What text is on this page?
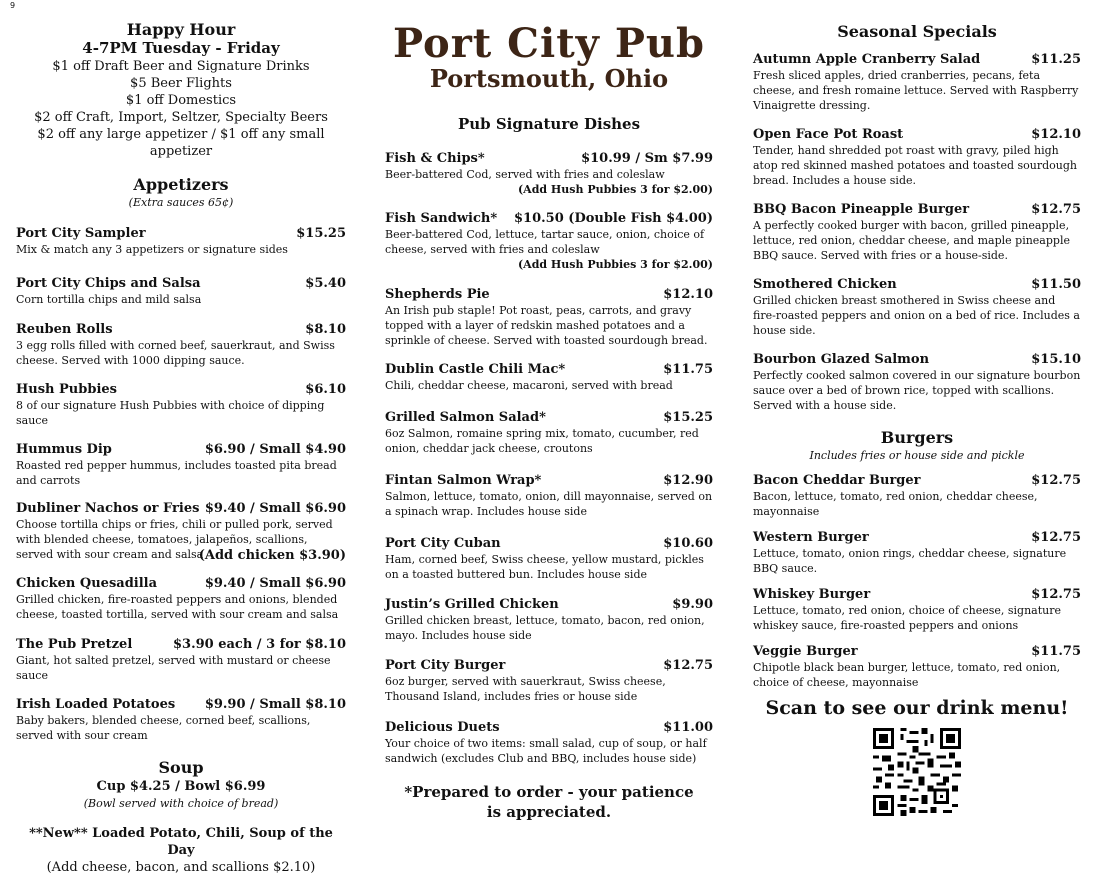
9
Happy Hour
4-7PM Tuesday - Friday
$1 off Draft Beer and Signature Drinks
$5 Beer Flights
$1 off Domestics
$2 off Craft, Import, Seltzer, Specialty Beers
$2 off any large appetizer / $1 off any small appetizer
Appetizers
(Extra sauces 65¢)
Port City Sampler	$15.25
Mix & match any 3 appetizers or signature sides
Port City Chips and Salsa	$5.40
Corn tortilla chips and mild salsa
Reuben Rolls	$8.10
3 egg rolls filled with corned beef, sauerkraut, and Swiss cheese. Served with 1000 dipping sauce.
Hush Pubbies	$6.10
8 of our signature Hush Pubbies with choice of dipping sauce
Hummus Dip	$6.90 / Small $4.90
Roasted red pepper hummus, includes toasted pita bread and carrots
Dubliner Nachos or Fries $9.40 / Small $6.90
Choose tortilla chips or fries, chili or pulled pork, served with blended cheese, tomatoes, jalapeños, scallions, served with sour cream and salsa
(Add chicken $3.90)
Chicken Quesadilla	$9.40 / Small $6.90
Grilled chicken, fire-roasted peppers and onions, blended cheese, toasted tortilla, served with sour cream and salsa
The Pub Pretzel	$3.90 each / 3 for $8.10
Giant, hot salted pretzel, served with mustard or cheese sauce
Irish Loaded Potatoes $9.90 / Small $8.10
Baby bakers, blended cheese, corned beef, scallions, served with sour cream
Soup
Cup $4.25 / Bowl $6.99
(Bowl served with choice of bread)
**New** Loaded Potato, Chili, Soup of the Day
(Add cheese, bacon, and scallions $2.10)
Port City Pub
Portsmouth, Ohio
Pub Signature Dishes
Fish & Chips*	$10.99 / Sm $7.99
Beer-battered Cod, served with fries and coleslaw
(Add Hush Pubbies 3 for $2.00)
Fish Sandwich* $10.50 (Double Fish $4.00)
Beer-battered Cod, lettuce, tartar sauce, onion, choice of cheese, served with fries and coleslaw
(Add Hush Pubbies 3 for $2.00)
Shepherds Pie	$12.10
An Irish pub staple! Pot roast, peas, carrots, and gravy topped with a layer of redskin mashed potatoes and a sprinkle of cheese. Served with toasted sourdough bread.
Dublin Castle Chili Mac*	$11.75
Chili, cheddar cheese, macaroni, served with bread
Grilled Salmon Salad*	$15.25
6oz Salmon, romaine spring mix, tomato, cucumber, red onion, cheddar jack cheese, croutons
Fintan Salmon Wrap*	$12.90
Salmon, lettuce, tomato, onion, dill mayonnaise, served on a spinach wrap. Includes house side
Port City Cuban	$10.60
Ham, corned beef, Swiss cheese, yellow mustard, pickles on a toasted buttered bun. Includes house side
Justin’s Grilled Chicken	$9.90
Grilled chicken breast, lettuce, tomato, bacon, red onion, mayo. Includes house side
Port City Burger	$12.75
6oz burger, served with sauerkraut, Swiss cheese, Thousand Island, includes fries or house side
Delicious Duets	$11.00
Your choice of two items: small salad, cup of soup, or half sandwich (excludes Club and BBQ, includes house side)
*Prepared to order - your patience is appreciated.
Seasonal Specials
Autumn Apple Cranberry Salad	$11.25
Fresh sliced apples, dried cranberries, pecans, feta cheese, and fresh romaine lettuce. Served with Raspberry Vinaigrette dressing.
Open Face Pot Roast	$12.10
Tender, hand shredded pot roast with gravy, piled high atop red skinned mashed potatoes and toasted sourdough bread. Includes a house side.
BBQ Bacon Pineapple Burger	$12.75
A perfectly cooked burger with bacon, grilled pineapple, lettuce, red onion, cheddar cheese, and maple pineapple BBQ sauce. Served with fries or a house-side.
Smothered Chicken	$11.50
Grilled chicken breast smothered in Swiss cheese and fire-roasted peppers and onion on a bed of rice. Includes a house side.
Bourbon Glazed Salmon	$15.10
Perfectly cooked salmon covered in our signature bourbon sauce over a bed of brown rice, topped with scallions. Served with a house side.
Burgers
Includes fries or house side and pickle
Bacon Cheddar Burger	$12.75
Bacon, lettuce, tomato, red onion, cheddar cheese, mayonnaise
Western Burger	$12.75
Lettuce, tomato, onion rings, cheddar cheese, signature BBQ sauce.
Whiskey Burger	$12.75
Lettuce, tomato, red onion, choice of cheese, signature whiskey sauce, fire-roasted peppers and onions
Veggie Burger	$11.75
Chipotle black bean burger, lettuce, tomato, red onion, choice of cheese, mayonnaise
Scan to see our drink menu!
